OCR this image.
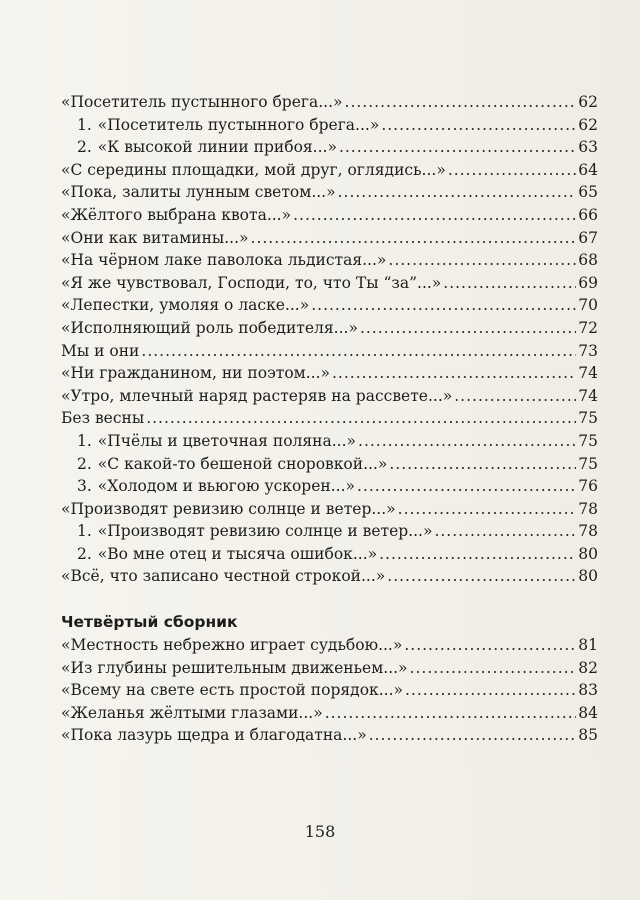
«Посетитель пустынного брега...» .....	62
1. «Посетитель пустынного брега...» .....	62
2. «К высокой линии прибоя...» .....	63
«С середины площадки, мой друг, оглядись...» .....	64
«Пока, залиты лунным светом...» .....	65
«Жёлтого выбрана квота...» .....	66
«Они как витамины...» .....	67
«На чёрном лаке паволока льдистая...» .....	68
«Я же чувствовал, Господи, то, что Ты “за”...» .....	69
«Лепестки, умоляя о ласке...» .....	70
«Исполняющий роль победителя...» .....	72
Мы и они .....	73
«Ни гражданином, ни поэтом...» .....	74
«Утро, млечный наряд растеряв на рассвете...» .....	74
Без весны .....	75
1. «Пчёлы и цветочная поляна...» .....	75
2. «С какой-то бешеной сноровкой...» .....	75
3. «Холодом и вьюгою ускорен...» .....	76
«Производят ревизию солнце и ветер...» .....	78
1. «Производят ревизию солнце и ветер...» .....	78
2. «Во мне отец и тысяча ошибок...» .....	80
«Всё, что записано честной строкой...» .....	80
Четвёртый сборник
«Местность небрежно играет судьбою...» .....	81
«Из глубины решительным движеньем...» .....	82
«Всему на свете есть простой порядок...» .....	83
«Желанья жёлтыми глазами...» .....	84
«Пока лазурь щедра и благодатна...» .....	85
158
